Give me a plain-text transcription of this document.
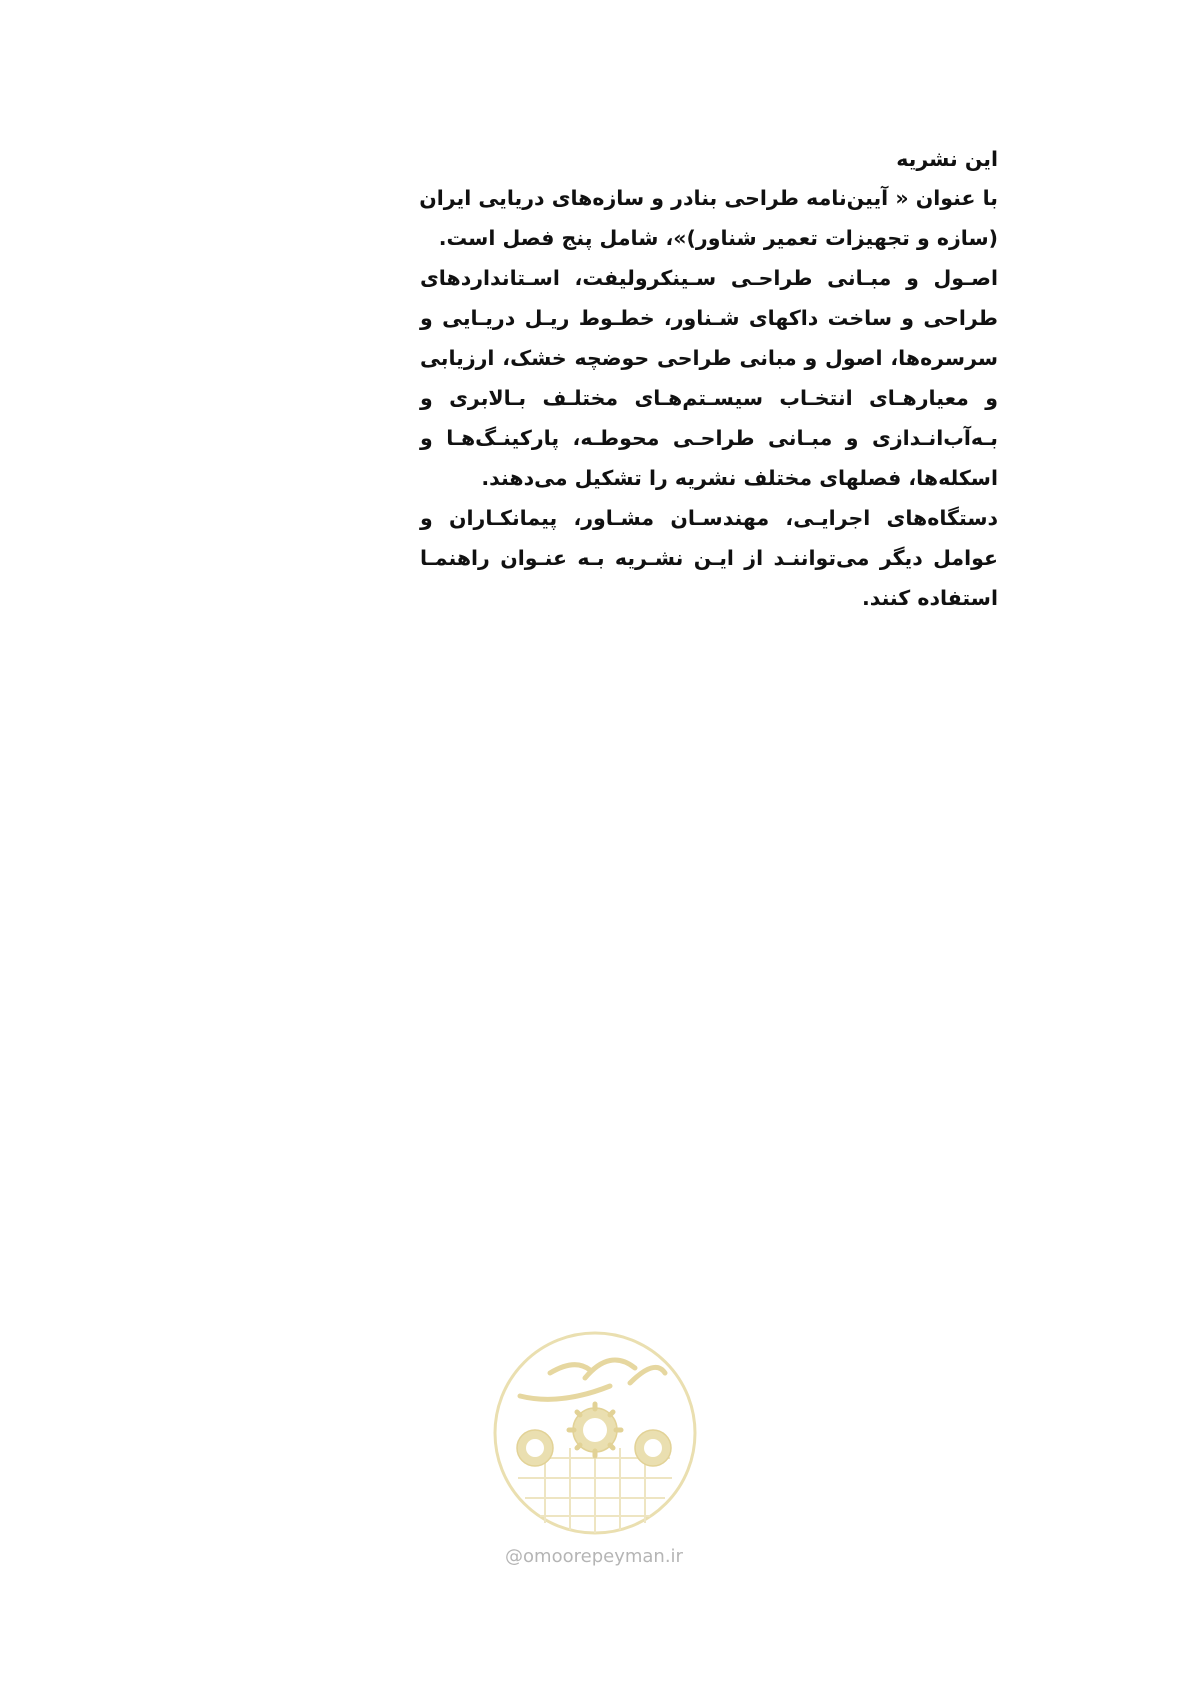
این نشریه

با عنوان « آیین‌نامه طراحی بنادر و سازه‌های دریایی ایران

(سازه و تجهیزات تعمیر شناور)»، شامل پنج فصل است.

اصـول و مبـانی طراحـی سـینکرولیفت، اسـتانداردهای

طراحی و ساخت داکهای شـناور، خطـوط ریـل دریـایی و

سرسره‌ها، اصول و مبانی طراحی حوضچه خشک، ارزیابی

و معیارهـای انتخـاب سیسـتم‌هـای مختلـف بـالابری و

بـه‌آب‌انـدازی و مبـانی طراحـی محوطـه، پارکینـگ‌هـا و

اسکله‌ها، فصلهای مختلف نشریه را تشکیل می‌دهند.

دستگاه‌های اجرایـی، مهندسـان مشـاور، پیمانکـاران و

عوامل دیگر می‌تواننـد از ایـن نشـریه بـه عنـوان راهنمـا

استفاده کنند.

@omoorepeyman.ir
